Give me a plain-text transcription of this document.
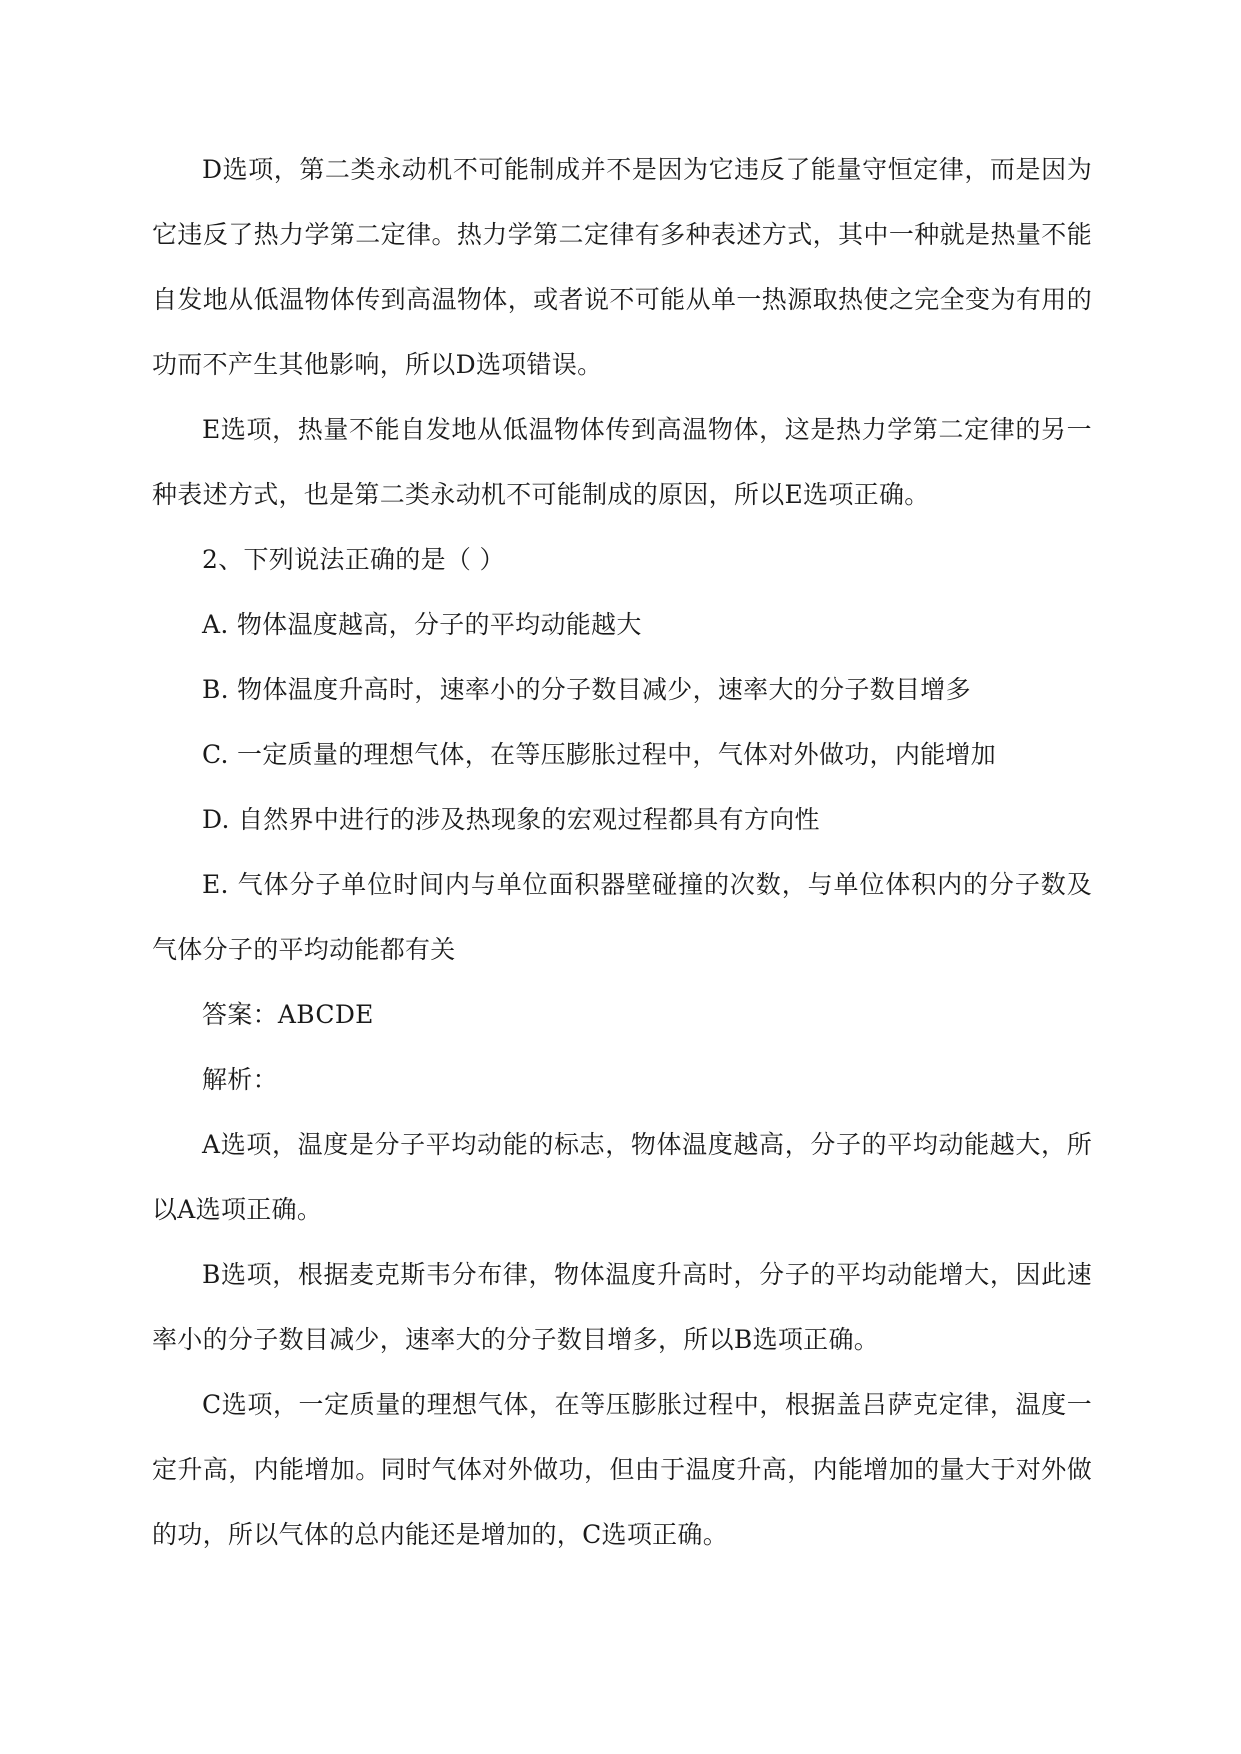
D选项，第二类永动机不可能制成并不是因为它违反了能量守恒定律，而是因为它违反了热力学第二定律。热力学第二定律有多种表述方式，其中一种就是热量不能自发地从低温物体传到高温物体，或者说不可能从单一热源取热使之完全变为有用的功而不产生其他影响，所以D选项错误。

E选项，热量不能自发地从低温物体传到高温物体，这是热力学第二定律的另一种表述方式，也是第二类永动机不可能制成的原因，所以E选项正确。

2、下列说法正确的是（ ）

A. 物体温度越高，分子的平均动能越大

B. 物体温度升高时，速率小的分子数目减少，速率大的分子数目增多

C. 一定质量的理想气体，在等压膨胀过程中，气体对外做功，内能增加

D. 自然界中进行的涉及热现象的宏观过程都具有方向性

E. 气体分子单位时间内与单位面积器壁碰撞的次数，与单位体积内的分子数及气体分子的平均动能都有关

答案：ABCDE

解析：

A选项，温度是分子平均动能的标志，物体温度越高，分子的平均动能越大，所以A选项正确。

B选项，根据麦克斯韦分布律，物体温度升高时，分子的平均动能增大，因此速率小的分子数目减少，速率大的分子数目增多，所以B选项正确。

C选项，一定质量的理想气体，在等压膨胀过程中，根据盖吕萨克定律，温度一定升高，内能增加。同时气体对外做功，但由于温度升高，内能增加的量大于对外做的功，所以气体的总内能还是增加的，C选项正确。
